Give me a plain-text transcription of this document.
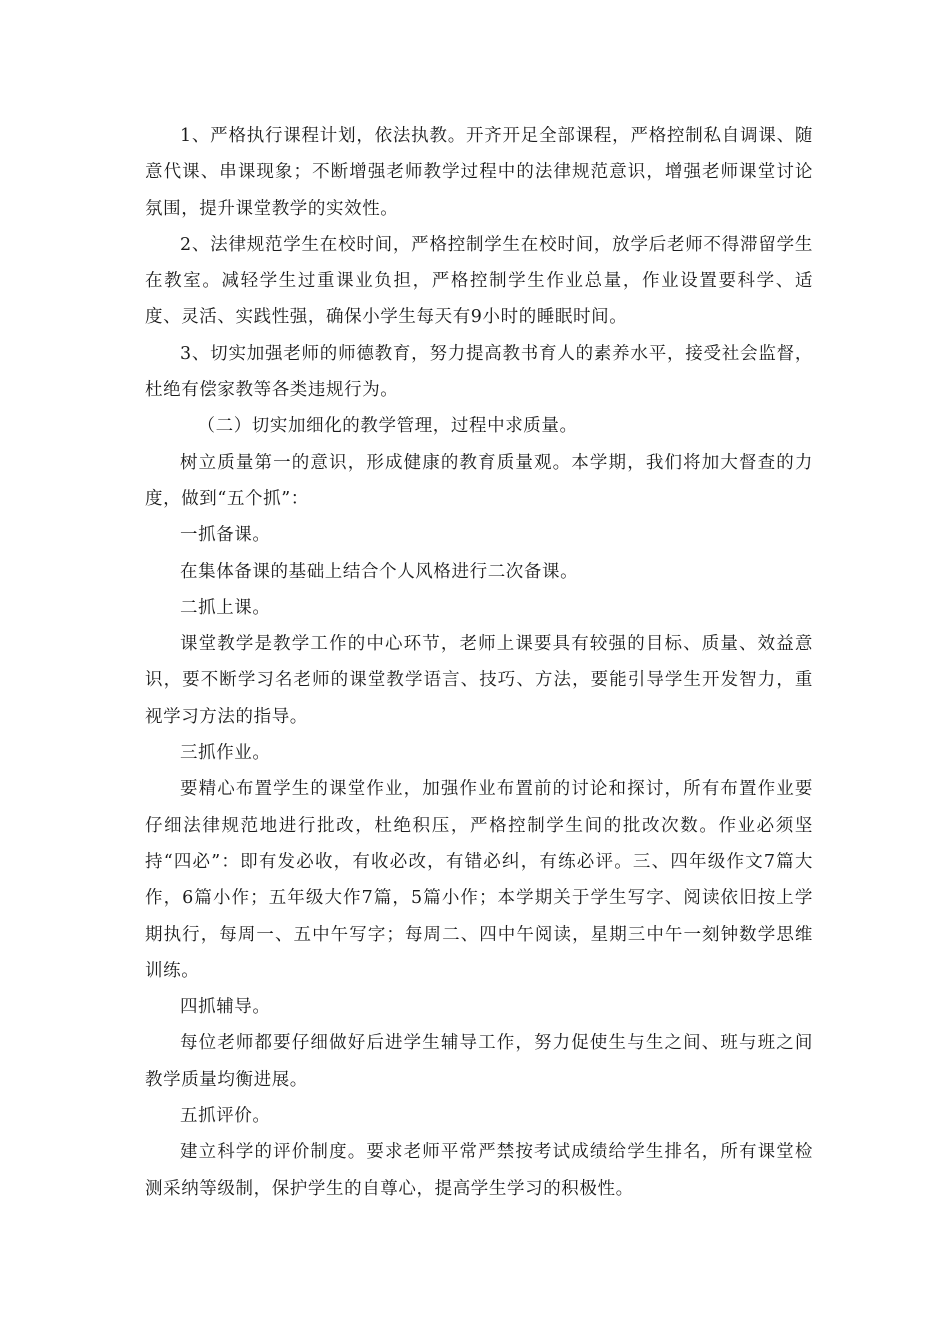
1、严格执行课程计划，依法执教。开齐开足全部课程，严格控制私自调课、随意代课、串课现象；不断增强老师教学过程中的法律规范意识，增强老师课堂讨论氛围，提升课堂教学的实效性。

2、法律规范学生在校时间，严格控制学生在校时间，放学后老师不得滞留学生在教室。减轻学生过重课业负担，严格控制学生作业总量，作业设置要科学、适度、灵活、实践性强，确保小学生每天有9小时的睡眠时间。

3、切实加强老师的师德教育，努力提高教书育人的素养水平，接受社会监督，杜绝有偿家教等各类违规行为。

（二）切实加细化的教学管理，过程中求质量。

树立质量第一的意识，形成健康的教育质量观。本学期，我们将加大督查的力度，做到“五个抓”：

一抓备课。

在集体备课的基础上结合个人风格进行二次备课。

二抓上课。

课堂教学是教学工作的中心环节，老师上课要具有较强的目标、质量、效益意识，要不断学习名老师的课堂教学语言、技巧、方法，要能引导学生开发智力，重视学习方法的指导。

三抓作业。

要精心布置学生的课堂作业，加强作业布置前的讨论和探讨，所有布置作业要仔细法律规范地进行批改，杜绝积压，严格控制学生间的批改次数。作业必须坚持“四必”：即有发必收，有收必改，有错必纠，有练必评。三、四年级作文7篇大作，6篇小作；五年级大作7篇，5篇小作；本学期关于学生写字、阅读依旧按上学期执行，每周一、五中午写字；每周二、四中午阅读，星期三中午一刻钟数学思维训练。

四抓辅导。

每位老师都要仔细做好后进学生辅导工作，努力促使生与生之间、班与班之间教学质量均衡进展。

五抓评价。

建立科学的评价制度。要求老师平常严禁按考试成绩给学生排名，所有课堂检测采纳等级制，保护学生的自尊心，提高学生学习的积极性。
